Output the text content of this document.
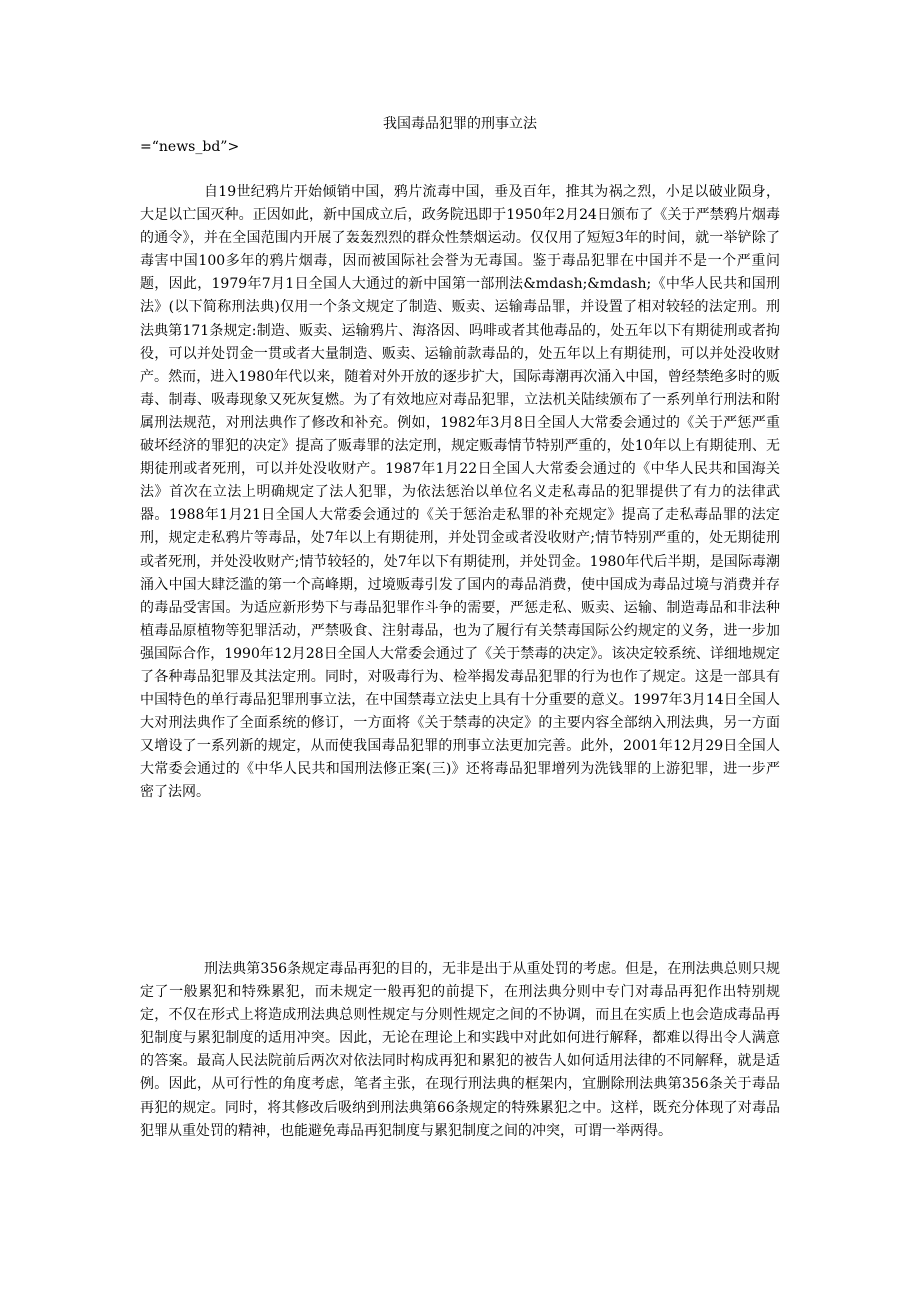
我国毒品犯罪的刑事立法
=“news_bd”>

自19世纪鸦片开始倾销中国，鸦片流毒中国，垂及百年，推其为祸之烈，小足以破业陨身，大足以亡国灭种。正因如此，新中国成立后，政务院迅即于1950年2月24日颁布了《关于严禁鸦片烟毒的通令》，并在全国范围内开展了轰轰烈烈的群众性禁烟运动。仅仅用了短短3年的时间，就一举铲除了毒害中国100多年的鸦片烟毒，因而被国际社会誉为无毒国。鉴于毒品犯罪在中国并不是一个严重问题，因此，1979年7月1日全国人大通过的新中国第一部刑法&mdash;&mdash;《中华人民共和国刑法》(以下简称刑法典)仅用一个条文规定了制造、贩卖、运输毒品罪，并设置了相对较轻的法定刑。刑法典第171条规定:制造、贩卖、运输鸦片、海洛因、吗啡或者其他毒品的，处五年以下有期徒刑或者拘役，可以并处罚金一贯或者大量制造、贩卖、运输前款毒品的，处五年以上有期徒刑，可以并处没收财产。然而，进入1980年代以来，随着对外开放的逐步扩大，国际毒潮再次涌入中国，曾经禁绝多时的贩毒、制毒、吸毒现象又死灰复燃。为了有效地应对毒品犯罪，立法机关陆续颁布了一系列单行刑法和附属刑法规范，对刑法典作了修改和补充。例如，1982年3月8日全国人大常委会通过的《关于严惩严重破坏经济的罪犯的决定》提高了贩毒罪的法定刑，规定贩毒情节特别严重的，处10年以上有期徒刑、无期徒刑或者死刑，可以并处没收财产。1987年1月22日全国人大常委会通过的《中华人民共和国海关法》首次在立法上明确规定了法人犯罪，为依法惩治以单位名义走私毒品的犯罪提供了有力的法律武器。1988年1月21日全国人大常委会通过的《关于惩治走私罪的补充规定》提高了走私毒品罪的法定刑，规定走私鸦片等毒品，处7年以上有期徒刑，并处罚金或者没收财产;情节特别严重的，处无期徒刑或者死刑，并处没收财产;情节较轻的，处7年以下有期徒刑，并处罚金。1980年代后半期，是国际毒潮涌入中国大肆泛滥的第一个高峰期，过境贩毒引发了国内的毒品消费，使中国成为毒品过境与消费并存的毒品受害国。为适应新形势下与毒品犯罪作斗争的需要，严惩走私、贩卖、运输、制造毒品和非法种植毒品原植物等犯罪活动，严禁吸食、注射毒品，也为了履行有关禁毒国际公约规定的义务，进一步加强国际合作，1990年12月28日全国人大常委会通过了《关于禁毒的决定》。该决定较系统、详细地规定了各种毒品犯罪及其法定刑。同时，对吸毒行为、检举揭发毒品犯罪的行为也作了规定。这是一部具有中国特色的单行毒品犯罪刑事立法，在中国禁毒立法史上具有十分重要的意义。1997年3月14日全国人大对刑法典作了全面系统的修订，一方面将《关于禁毒的决定》的主要内容全部纳入刑法典，另一方面又增设了一系列新的规定，从而使我国毒品犯罪的刑事立法更加完善。此外，2001年12月29日全国人大常委会通过的《中华人民共和国刑法修正案(三)》还将毒品犯罪增列为洗钱罪的上游犯罪，进一步严密了法网。

刑法典第356条规定毒品再犯的目的，无非是出于从重处罚的考虑。但是，在刑法典总则只规定了一般累犯和特殊累犯，而未规定一般再犯的前提下，在刑法典分则中专门对毒品再犯作出特别规定，不仅在形式上将造成刑法典总则性规定与分则性规定之间的不协调，而且在实质上也会造成毒品再犯制度与累犯制度的适用冲突。因此，无论在理论上和实践中对此如何进行解释，都难以得出令人满意的答案。最高人民法院前后两次对依法同时构成再犯和累犯的被告人如何适用法律的不同解释，就是适例。因此，从可行性的角度考虑，笔者主张，在现行刑法典的框架内，宜删除刑法典第356条关于毒品再犯的规定。同时，将其修改后吸纳到刑法典第66条规定的特殊累犯之中。这样，既充分体现了对毒品犯罪从重处罚的精神，也能避免毒品再犯制度与累犯制度之间的冲突，可谓一举两得。
